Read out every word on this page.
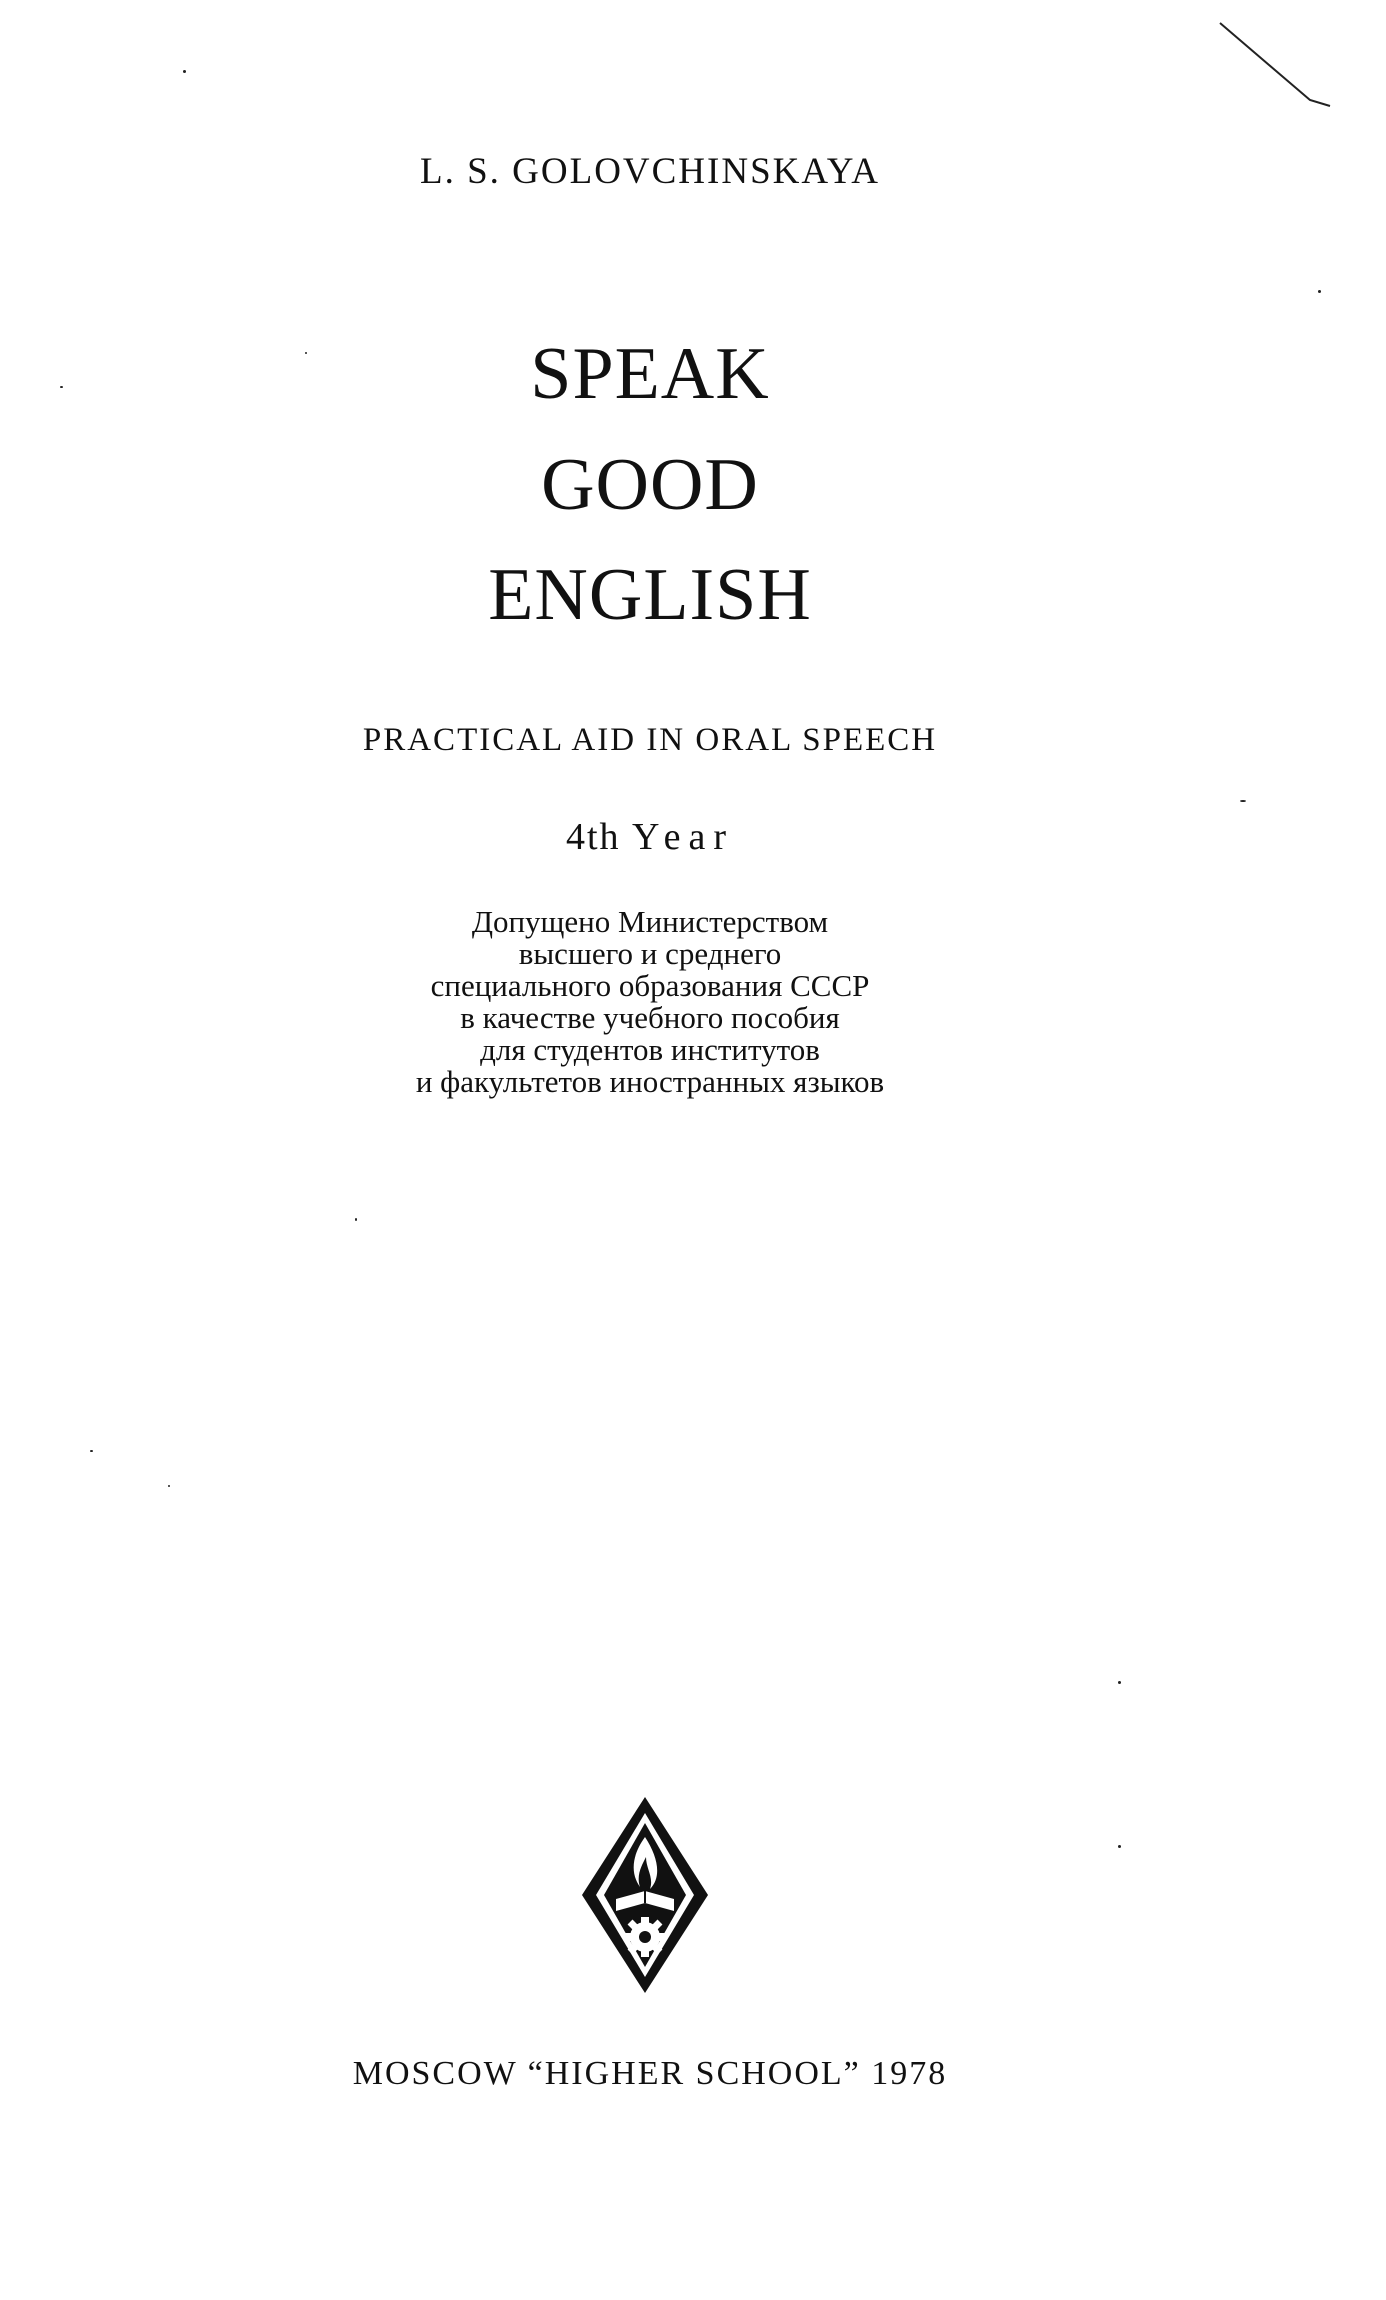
L. S. GOLOVCHINSKAYA
SPEAK
GOOD
ENGLISH
PRACTICAL AID IN ORAL SPEECH
4th Year
Допущено Министерством
высшего и среднего
специального образования СССР
в качестве учебного пособия
для студентов институтов
и факультетов иностранных языков
MOSCOW “HIGHER SCHOOL” 1978
